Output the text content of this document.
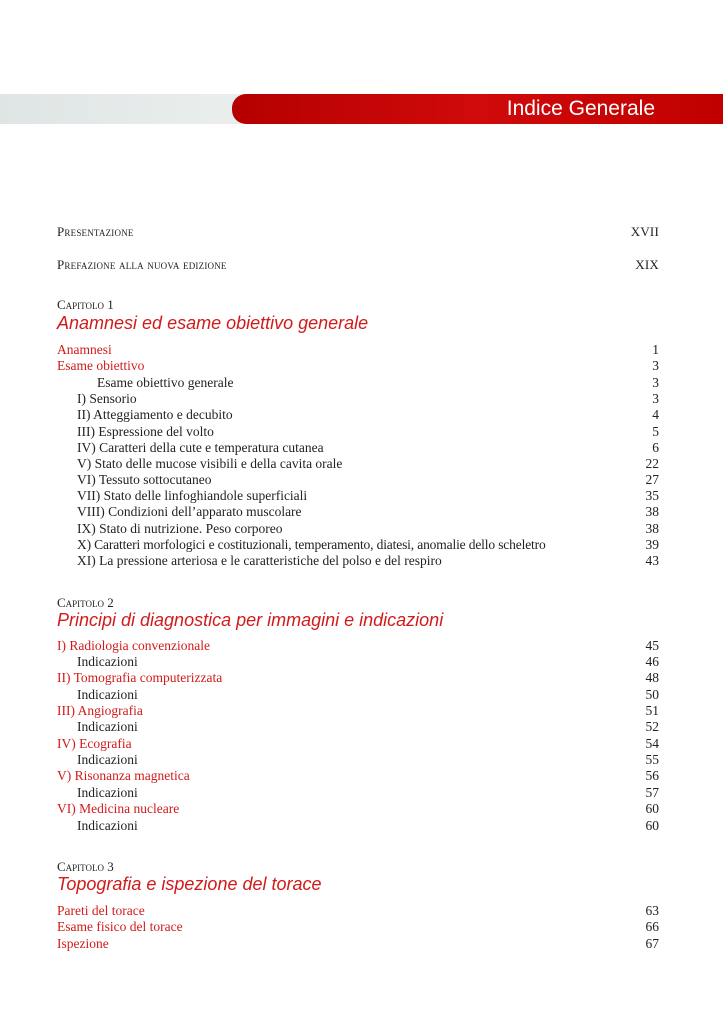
Indice Generale
Presentazione	XVII
Prefazione alla nuova edizione	XIX
Capitolo 1
Anamnesi ed esame obiettivo generale
Anamnesi	1
Esame obiettivo	3
Esame obiettivo generale	3
I) Sensorio	3
II) Atteggiamento e decubito	4
III) Espressione del volto	5
IV) Caratteri della cute e temperatura cutanea	6
V) Stato delle mucose visibili e della cavita orale	22
VI) Tessuto sottocutaneo	27
VII) Stato delle linfoghiandole superficiali	35
VIII) Condizioni dell’apparato muscolare	38
IX) Stato di nutrizione. Peso corporeo	38
X) Caratteri morfologici e costituzionali, temperamento, diatesi, anomalie dello scheletro	39
XI) La pressione arteriosa e le caratteristiche del polso e del respiro	43
Capitolo 2
Principi di diagnostica per immagini e indicazioni
I) Radiologia convenzionale	45
Indicazioni	46
II) Tomografia computerizzata	48
Indicazioni	50
III) Angiografia	51
Indicazioni	52
IV) Ecografia	54
Indicazioni	55
V) Risonanza magnetica	56
Indicazioni	57
VI) Medicina nucleare	60
Indicazioni	60
Capitolo 3
Topografia e ispezione del torace
Pareti del torace	63
Esame fisico del torace	66
Ispezione	67
